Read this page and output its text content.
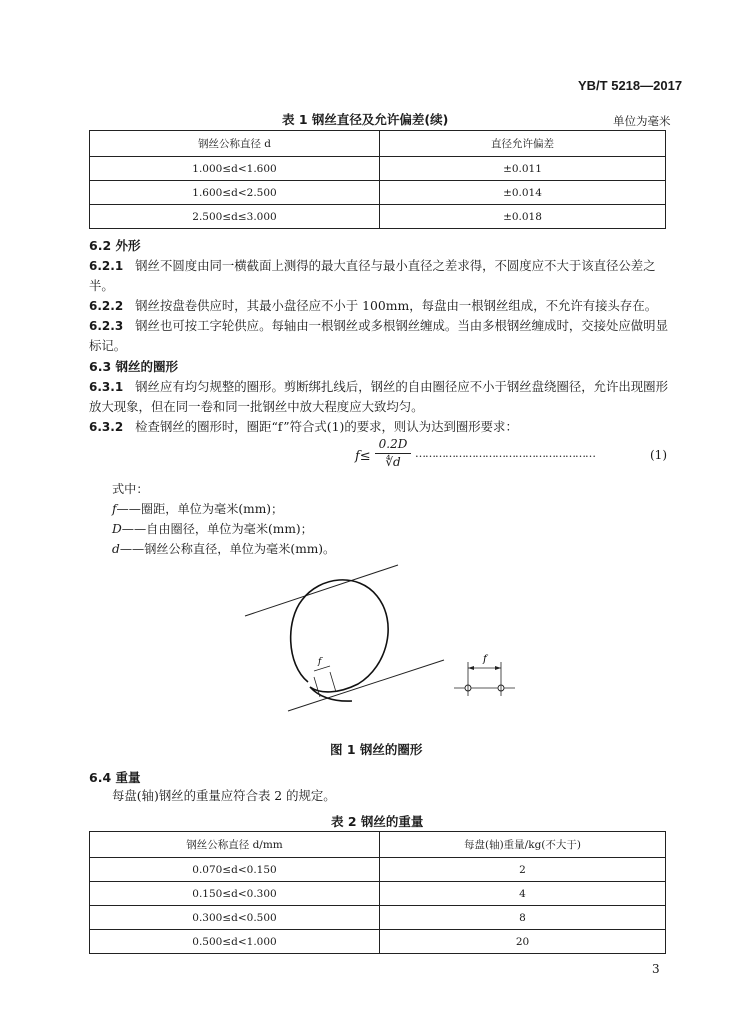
YB/T 5218—2017
表 1 钢丝直径及允许偏差(续)	单位为毫米
钢丝公称直径 d	直径允许偏差
1.000≤d<1.600	±0.011
1.600≤d<2.500	±0.014
2.500≤d≤3.000	±0.018
6.2 外形
6.2.1 钢丝不圆度由同一横截面上测得的最大直径与最小直径之差求得，不圆度应不大于该直径公差之半。
6.2.2 钢丝按盘卷供应时，其最小盘径应不小于 100mm，每盘由一根钢丝组成，不允许有接头存在。
6.2.3 钢丝也可按工字轮供应。每轴由一根钢丝或多根钢丝缠成。当由多根钢丝缠成时，交接处应做明显标记。
6.3 钢丝的圈形
6.3.1 钢丝应有均匀规整的圈形。剪断绑扎线后，钢丝的自由圈径应不小于钢丝盘绕圈径，允许出现圈形放大现象，但在同一卷和同一批钢丝中放大程度应大致均匀。
6.3.2 检查钢丝的圈形时，圈距“f”符合式(1)的要求，则认为达到圈形要求：
f≤
0.2D
∜d
………………………………………………	(1)
式中：
f——圈距，单位为毫米(mm)；
D——自由圈径，单位为毫米(mm)；
d——钢丝公称直径，单位为毫米(mm)。
f	f
图 1 钢丝的圈形
6.4 重量
每盘(轴)钢丝的重量应符合表 2 的规定。
表 2 钢丝的重量
钢丝公称直径 d/mm	每盘(轴)重量/kg(不大于)
0.070≤d<0.150	2
0.150≤d<0.300	4
0.300≤d<0.500	8
0.500≤d<1.000	20
3
